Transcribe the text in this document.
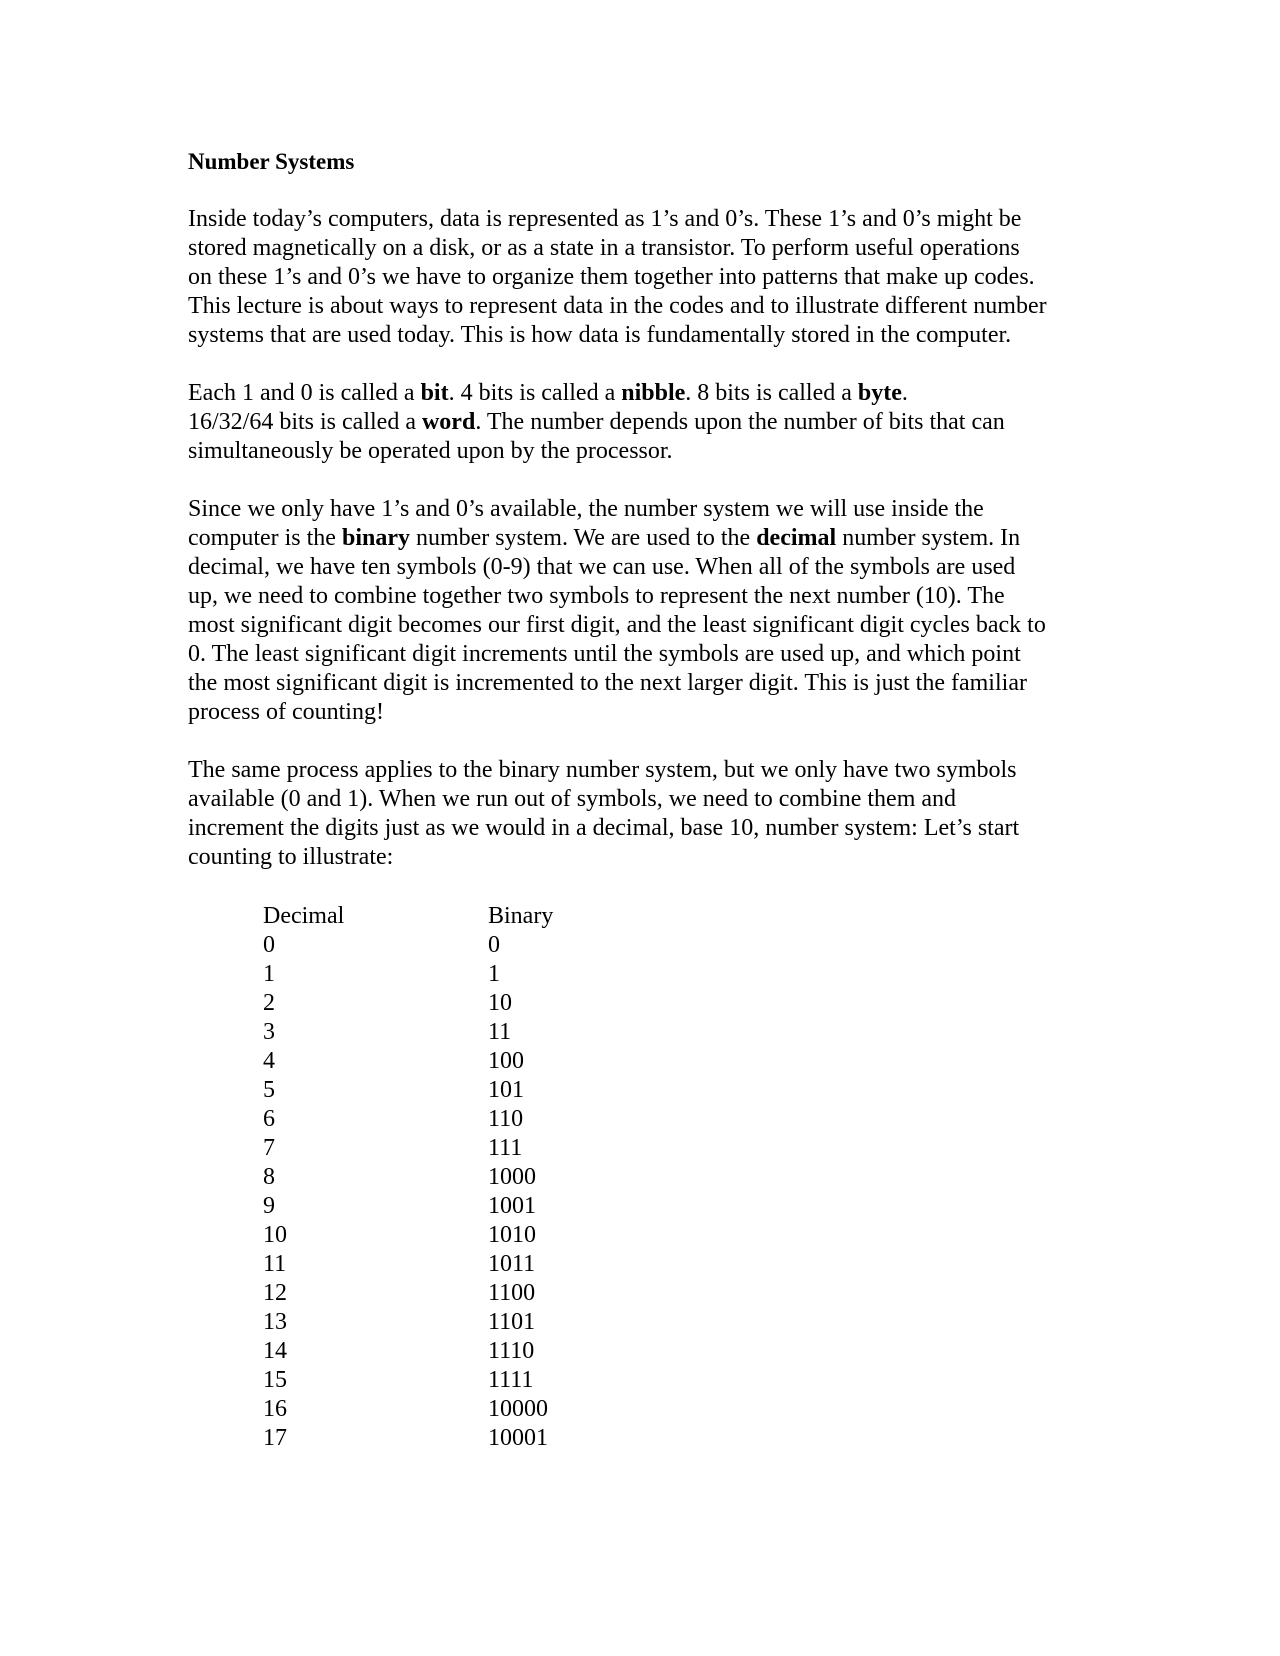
Number Systems
Inside today’s computers, data is represented as 1’s and 0’s. These 1’s and 0’s might be
stored magnetically on a disk, or as a state in a transistor. To perform useful operations
on these 1’s and 0’s we have to organize them together into patterns that make up codes.
This lecture is about ways to represent data in the codes and to illustrate different number
systems that are used today. This is how data is fundamentally stored in the computer.
Each 1 and 0 is called a bit. 4 bits is called a nibble. 8 bits is called a byte.
16/32/64 bits is called a word. The number depends upon the number of bits that can
simultaneously be operated upon by the processor.
Since we only have 1’s and 0’s available, the number system we will use inside the
computer is the binary number system. We are used to the decimal number system. In
decimal, we have ten symbols (0-9) that we can use. When all of the symbols are used
up, we need to combine together two symbols to represent the next number (10). The
most significant digit becomes our first digit, and the least significant digit cycles back to
0. The least significant digit increments until the symbols are used up, and which point
the most significant digit is incremented to the next larger digit. This is just the familiar
process of counting!
The same process applies to the binary number system, but we only have two symbols
available (0 and 1). When we run out of symbols, we need to combine them and
increment the digits just as we would in a decimal, base 10, number system: Let’s start
counting to illustrate:
Decimal	Binary
0	0
1	1
2	10
3	11
4	100
5	101
6	110
7	111
8	1000
9	1001
10	1010
11	1011
12	1100
13	1101
14	1110
15	1111
16	10000
17	10001
